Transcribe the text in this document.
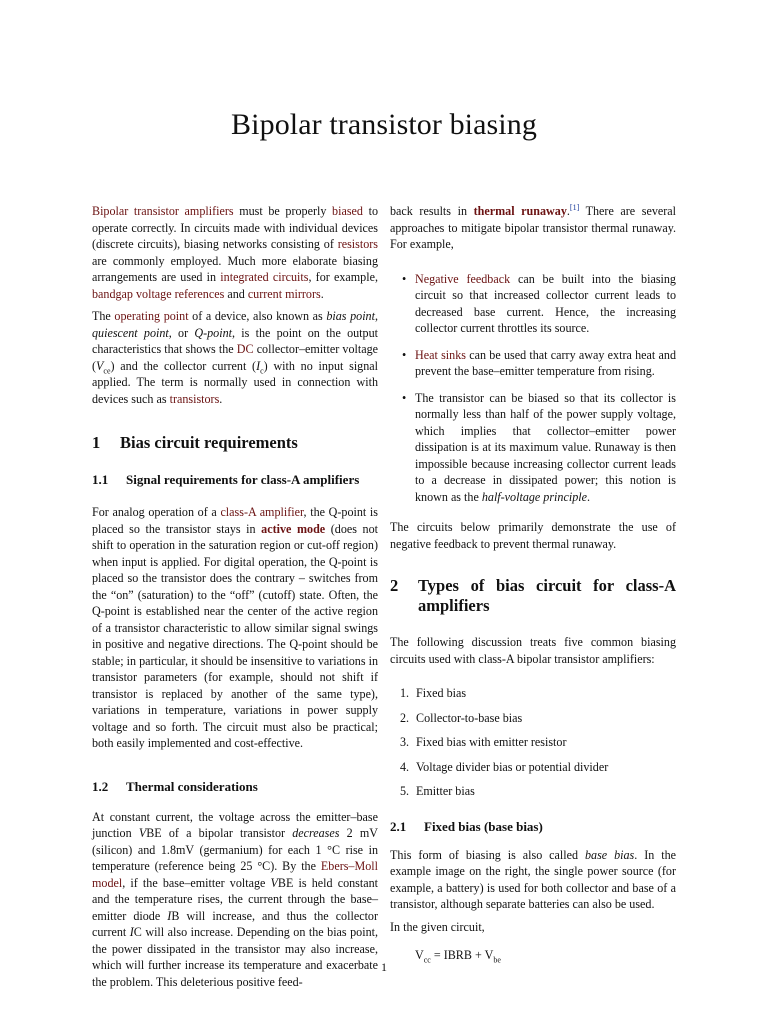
Bipolar transistor biasing

Bipolar transistor amplifiers must be properly biased to operate correctly. In circuits made with individual devices (discrete circuits), biasing networks consisting of resistors are commonly employed. Much more elaborate biasing arrangements are used in integrated circuits, for example, bandgap voltage references and current mirrors.

The operating point of a device, also known as bias point, quiescent point, or Q-point, is the point on the output characteristics that shows the DC collector–emitter voltage $(V_{ce})$ and the collector current $(I_c)$ with no input signal applied. The term is normally used in connection with devices such as transistors.

1	Bias circuit requirements
1.1	Signal requirements for class-A amplifiers

For analog operation of a class-A amplifier, the Q-point is placed so the transistor stays in active mode (does not shift to operation in the saturation region or cut-off region) when input is applied. For digital operation, the Q-point is placed so the transistor does the contrary – switches from the “on” (saturation) to the “off” (cutoff) state. Often, the Q-point is established near the center of the active region of a transistor characteristic to allow similar signal swings in positive and negative directions. The Q-point should be stable; in particular, it should be insensitive to variations in transistor parameters (for example, should not shift if transistor is replaced by another of the same type), variations in temperature, variations in power supply voltage and so forth. The circuit must also be practical; both easily implemented and cost-effective.

1.2	Thermal considerations

At constant current, the voltage across the emitter–base junction VBE of a bipolar transistor decreases 2 mV (silicon) and 1.8mV (germanium) for each 1 °C rise in temperature (reference being 25 °C). By the Ebers–Moll model, if the base–emitter voltage VBE is held constant and the temperature rises, the current through the base–emitter diode IB will increase, and thus the collector current IC will also increase. Depending on the bias point, the power dissipated in the transistor may also increase, which will further increase its temperature and exacerbate the problem. This deleterious positive feed-

back results in thermal runaway.[1] There are several approaches to mitigate bipolar transistor thermal runaway. For example,

• Negative feedback can be built into the biasing circuit so that increased collector current leads to decreased base current. Hence, the increasing collector current throttles its source.
• Heat sinks can be used that carry away extra heat and prevent the base–emitter temperature from rising.
• The transistor can be biased so that its collector is normally less than half of the power supply voltage, which implies that collector–emitter power dissipation is at its maximum value. Runaway is then impossible because increasing collector current leads to a decrease in dissipated power; this notion is known as the half-voltage principle.

The circuits below primarily demonstrate the use of negative feedback to prevent thermal runaway.

2	Types of bias circuit for class-A amplifiers

The following discussion treats five common biasing circuits used with class-A bipolar transistor amplifiers:

1. Fixed bias
2. Collector-to-base bias
3. Fixed bias with emitter resistor
4. Voltage divider bias or potential divider
5. Emitter bias
2.1	Fixed bias (base bias)

This form of biasing is also called base bias. In the example image on the right, the single power source (for example, a battery) is used for both collector and base of a transistor, although separate batteries can also be used.

In the given circuit,

$V_{cc}$ = IBRB + $V_{be}$
1
